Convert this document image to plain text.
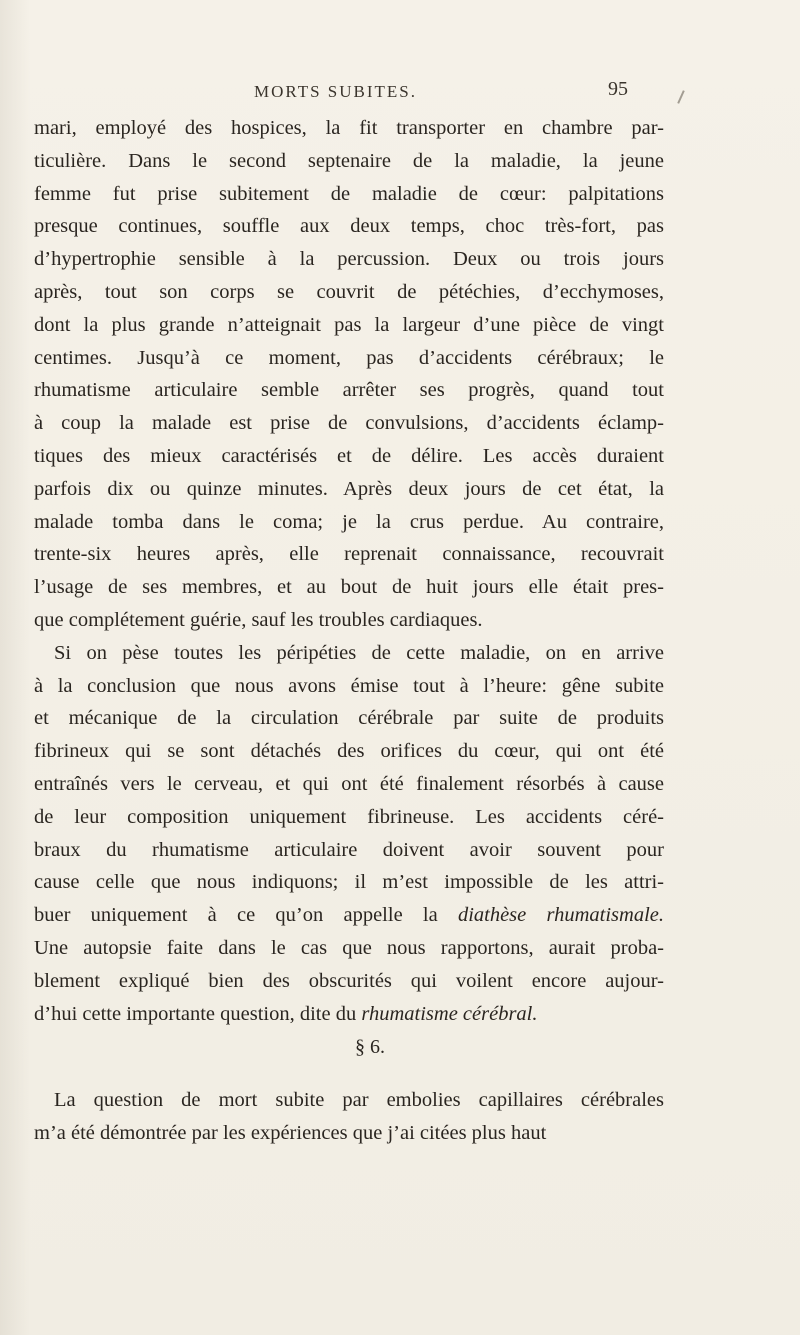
MORTS SUBITES.	95
mari, employé des hospices, la fit transporter en chambre par-
ticulière. Dans le second septenaire de la maladie, la jeune
femme fut prise subitement de maladie de cœur: palpitations
presque continues, souffle aux deux temps, choc très-fort, pas
d’hypertrophie sensible à la percussion. Deux ou trois jours
après, tout son corps se couvrit de pétéchies, d’ecchymoses,
dont la plus grande n’atteignait pas la largeur d’une pièce de vingt
centimes. Jusqu’à ce moment, pas d’accidents cérébraux; le
rhumatisme articulaire semble arrêter ses progrès, quand tout
à coup la malade est prise de convulsions, d’accidents éclamp-
tiques des mieux caractérisés et de délire. Les accès duraient
parfois dix ou quinze minutes. Après deux jours de cet état, la
malade tomba dans le coma; je la crus perdue. Au contraire,
trente-six heures après, elle reprenait connaissance, recouvrait
l’usage de ses membres, et au bout de huit jours elle était pres-
que complétement guérie, sauf les troubles cardiaques.
Si on pèse toutes les péripéties de cette maladie, on en arrive
à la conclusion que nous avons émise tout à l’heure: gêne subite
et mécanique de la circulation cérébrale par suite de produits
fibrineux qui se sont détachés des orifices du cœur, qui ont été
entraînés vers le cerveau, et qui ont été finalement résorbés à cause
de leur composition uniquement fibrineuse. Les accidents céré-
braux du rhumatisme articulaire doivent avoir souvent pour
cause celle que nous indiquons; il m’est impossible de les attri-
buer uniquement à ce qu’on appelle la diathèse rhumatismale.
Une autopsie faite dans le cas que nous rapportons, aurait proba-
blement expliqué bien des obscurités qui voilent encore aujour-
d’hui cette importante question, dite du rhumatisme cérébral.
§ 6.
La question de mort subite par embolies capillaires cérébrales
m’a été démontrée par les expériences que j’ai citées plus haut
